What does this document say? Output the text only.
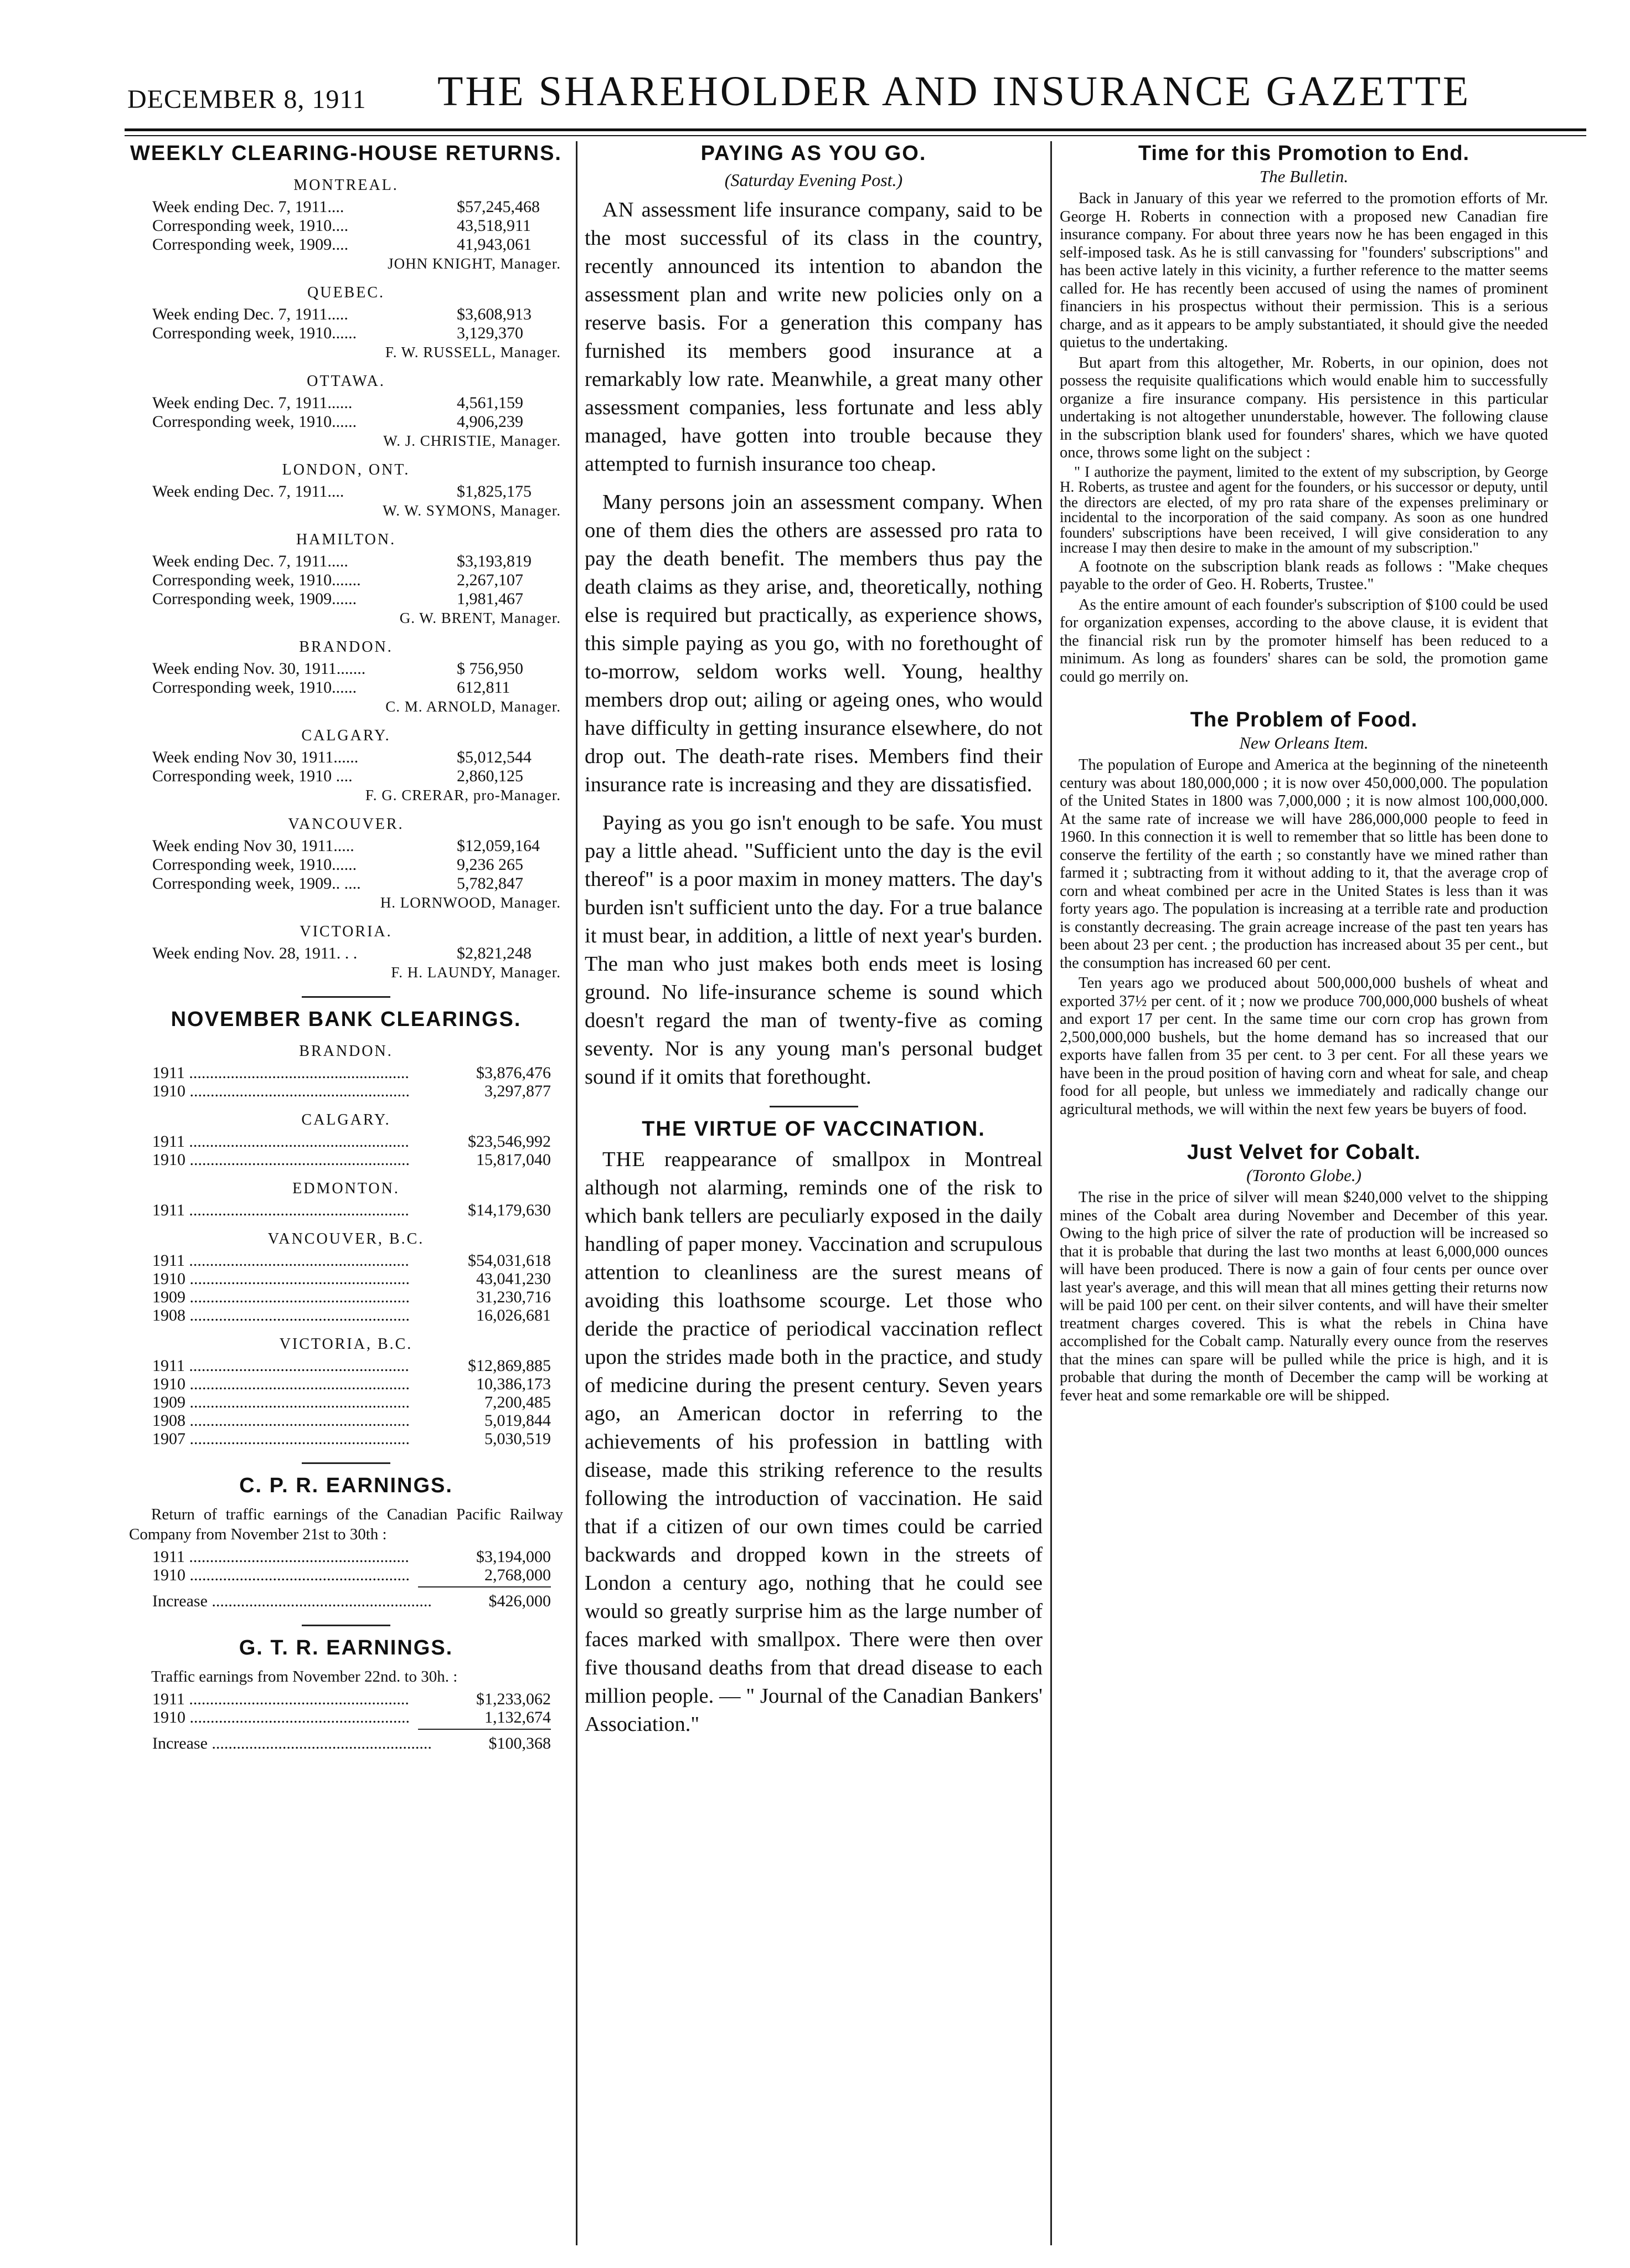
DECEMBER 8, 1911 THE SHAREHOLDER AND INSURANCE GAZETTE
WEEKLY CLEARING-HOUSE RETURNS.
MONTREAL.
Week ending Dec. 7, 1911....	$57,245,468
Corresponding week, 1910....	43,518,911
Corresponding week, 1909....	41,943,061
JOHN KNIGHT, Manager.
QUEBEC.
Week ending Dec. 7, 1911.....	$3,608,913
Corresponding week, 1910......	3,129,370
F. W. RUSSELL, Manager.
OTTAWA.
Week ending Dec. 7, 1911......	4,561,159
Corresponding week, 1910......	4,906,239
W. J. CHRISTIE, Manager.
LONDON, ONT.
Week ending Dec. 7, 1911....	$1,825,175
W. W. SYMONS, Manager.
HAMILTON.
Week ending Dec. 7, 1911.....	$3,193,819
Corresponding week, 1910.......	2,267,107
Corresponding week, 1909......	1,981,467
G. W. BRENT, Manager.
BRANDON.
Week ending Nov. 30, 1911.......	$ 756,950
Corresponding week, 1910......	612,811
C. M. ARNOLD, Manager.
CALGARY.
Week ending Nov 30, 1911......	$5,012,544
Corresponding week, 1910 ....	2,860,125
F. G. CRERAR, pro-Manager.
VANCOUVER.
Week ending Nov 30, 1911.....	$12,059,164
Corresponding week, 1910......	9,236 265
Corresponding week, 1909.. ....	5,782,847
H. LORNWOOD, Manager.
VICTORIA.
Week ending Nov. 28, 1911. . .	$2,821,248
F. H. LAUNDY, Manager.
NOVEMBER BANK CLEARINGS.
BRANDON.
1911 .....	$3,876,476
1910 .....	3,297,877
CALGARY.
1911 .....	$23,546,992
1910 .....	15,817,040
EDMONTON.
1911 .....	$14,179,630
VANCOUVER, B.C.
1911 .....	$54,031,618
1910 .....	43,041,230
1909 .....	31,230,716
1908 .....	16,026,681
VICTORIA, B.C.
1911 .....	$12,869,885
1910 .....	10,386,173
1909 .....	7,200,485
1908 .....	5,019,844
1907 .....	5,030,519
C. P. R. EARNINGS.

Return of traffic earnings of the Canadian Pacific Railway Company from November 21st to 30th :

1911 .....	$3,194,000
1910 .....	2,768,000
Increase .....	$426,000
G. T. R. EARNINGS.

Traffic earnings from November 22nd. to 30h. :

1911 .....	$1,233,062
1910 .....	1,132,674
Increase .....	$100,368
PAYING AS YOU GO.
(Saturday Evening Post.)

AN assessment life insurance company, said to be the most successful of its class in the country, recently announced its intention to abandon the assessment plan and write new policies only on a reserve basis. For a generation this company has furnished its members good insurance at a remarkably low rate. Meanwhile, a great many other assessment companies, less fortunate and less ably managed, have gotten into trouble because they attempted to furnish insurance too cheap.

Many persons join an assessment company. When one of them dies the others are assessed pro rata to pay the death benefit. The members thus pay the death claims as they arise, and, theoretically, nothing else is required but practically, as experience shows, this simple paying as you go, with no forethought of to-morrow, seldom works well. Young, healthy members drop out; ailing or ageing ones, who would have difficulty in getting insurance elsewhere, do not drop out. The death-rate rises. Members find their insurance rate is increasing and they are dissatisfied.

Paying as you go isn't enough to be safe. You must pay a little ahead. "Sufficient unto the day is the evil thereof" is a poor maxim in money matters. The day's burden isn't sufficient unto the day. For a true balance it must bear, in addition, a little of next year's burden. The man who just makes both ends meet is losing ground. No life-insurance scheme is sound which doesn't regard the man of twenty-five as coming seventy. Nor is any young man's personal budget sound if it omits that forethought.

THE VIRTUE OF VACCINATION.

THE reappearance of smallpox in Montreal although not alarming, reminds one of the risk to which bank tellers are peculiarly exposed in the daily handling of paper money. Vaccination and scrupulous attention to cleanliness are the surest means of avoiding this loathsome scourge. Let those who deride the practice of periodical vaccination reflect upon the strides made both in the practice, and study of medicine during the present century. Seven years ago, an American doctor in referring to the achievements of his profession in battling with disease, made this striking reference to the results following the introduction of vaccination. He said that if a citizen of our own times could be carried backwards and dropped kown in the streets of London a century ago, nothing that he could see would so greatly surprise him as the large number of faces marked with smallpox. There were then over five thousand deaths from that dread disease to each million people. — " Journal of the Canadian Bankers' Association."

Time for this Promotion to End.
The Bulletin.

Back in January of this year we referred to the promotion efforts of Mr. George H. Roberts in connection with a proposed new Canadian fire insurance company. For about three years now he has been engaged in this self-imposed task. As he is still canvassing for "founders' subscriptions" and has been active lately in this vicinity, a further reference to the matter seems called for. He has recently been accused of using the names of prominent financiers in his prospectus without their permission. This is a serious charge, and as it appears to be amply substantiated, it should give the needed quietus to the undertaking.

But apart from this altogether, Mr. Roberts, in our opinion, does not possess the requisite qualifications which would enable him to successfully organize a fire insurance company. His persistence in this particular undertaking is not altogether ununderstable, however. The following clause in the subscription blank used for founders' shares, which we have quoted once, throws some light on the subject :

" I authorize the payment, limited to the extent of my subscription, by George H. Roberts, as trustee and agent for the founders, or his successor or deputy, until the directors are elected, of my pro rata share of the expenses preliminary or incidental to the incorporation of the said company. As soon as one hundred founders' subscriptions have been received, I will give consideration to any increase I may then desire to make in the amount of my subscription."

A footnote on the subscription blank reads as follows : "Make cheques payable to the order of Geo. H. Roberts, Trustee."

As the entire amount of each founder's subscription of $100 could be used for organization expenses, according to the above clause, it is evident that the financial risk run by the promoter himself has been reduced to a minimum. As long as founders' shares can be sold, the promotion game could go merrily on.

The Problem of Food.
New Orleans Item.

The population of Europe and America at the beginning of the nineteenth century was about 180,000,000 ; it is now over 450,000,000. The population of the United States in 1800 was 7,000,000 ; it is now almost 100,000,000. At the same rate of increase we will have 286,000,000 people to feed in 1960. In this connection it is well to remember that so little has been done to conserve the fertility of the earth ; so constantly have we mined rather than farmed it ; subtracting from it without adding to it, that the average crop of corn and wheat combined per acre in the United States is less than it was forty years ago. The population is increasing at a terrible rate and production is constantly decreasing. The grain acreage increase of the past ten years has been about 23 per cent. ; the production has increased about 35 per cent., but the consumption has increased 60 per cent.

Ten years ago we produced about 500,000,000 bushels of wheat and exported 37½ per cent. of it ; now we produce 700,000,000 bushels of wheat and export 17 per cent. In the same time our corn crop has grown from 2,500,000,000 bushels, but the home demand has so increased that our exports have fallen from 35 per cent. to 3 per cent. For all these years we have been in the proud position of having corn and wheat for sale, and cheap food for all people, but unless we immediately and radically change our agricultural methods, we will within the next few years be buyers of food.

Just Velvet for Cobalt.
(Toronto Globe.)

The rise in the price of silver will mean $240,000 velvet to the shipping mines of the Cobalt area during November and December of this year. Owing to the high price of silver the rate of production will be increased so that it is probable that during the last two months at least 6,000,000 ounces will have been produced. There is now a gain of four cents per ounce over last year's average, and this will mean that all mines getting their returns now will be paid 100 per cent. on their silver contents, and will have their smelter treatment charges covered. This is what the rebels in China have accomplished for the Cobalt camp. Naturally every ounce from the reserves that the mines can spare will be pulled while the price is high, and it is probable that during the month of December the camp will be working at fever heat and some remarkable ore will be shipped.
